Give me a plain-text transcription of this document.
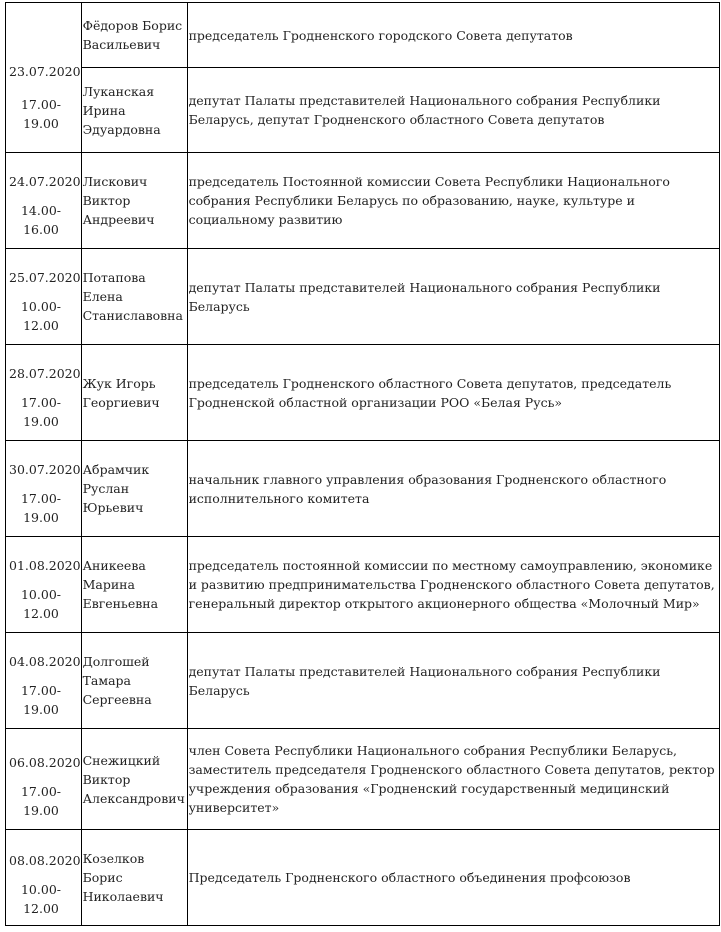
23.07.2020
17.00-19.00	Фёдоров Борис Васильевич	председатель Гродненского городского Совета депутатов
	Луканская Ирина Эдуардовна	депутат Палаты представителей Национального собрания Республики Беларусь, депутат Гродненского областного Совета депутатов

24.07.2020
14.00-16.00	Лискович Виктор Андреевич	председатель Постоянной комиссии Совета Республики Национального собрания Республики Беларусь по образованию, науке, культуре и социальному развитию

25.07.2020
10.00-12.00	Потапова Елена Станиславовна	депутат Палаты представителей Национального собрания Республики Беларусь

28.07.2020
17.00-19.00	Жук Игорь Георгиевич	председатель Гродненского областного Совета депутатов, председатель Гродненской областной организации РОО «Белая Русь»

30.07.2020
17.00-19.00	Абрамчик Руслан Юрьевич	начальник главного управления образования Гродненского областного исполнительного комитета

01.08.2020
10.00-12.00	Аникеева Марина Евгеньевна	председатель постоянной комиссии по местному самоуправлению, экономике и развитию предпринимательства Гродненского областного Совета депутатов, генеральный директор открытого акционерного общества «Молочный Мир»

04.08.2020
17.00-19.00	Долгошей Тамара Сергеевна	депутат Палаты представителей Национального собрания Республики Беларусь

06.08.2020
17.00-19.00	Снежицкий Виктор Александрович	член Совета Республики Национального собрания Республики Беларусь, заместитель председателя Гродненского областного Совета депутатов, ректор учреждения образования «Гродненский государственный медицинский университет»

08.08.2020
10.00-12.00	Козелков Борис Николаевич	Председатель Гродненского областного объединения профсоюзов
